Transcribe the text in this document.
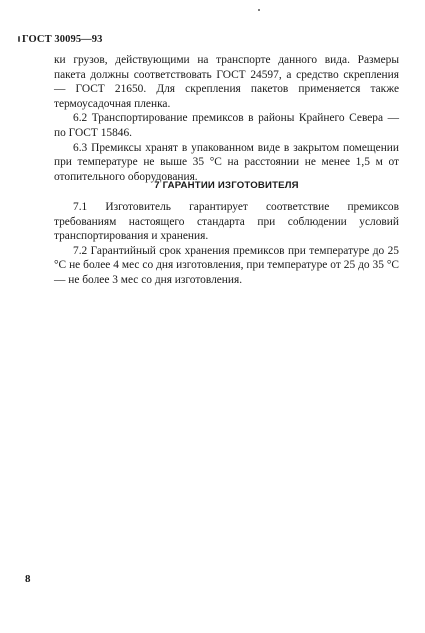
ГОСТ 30095—93

ки грузов, действующими на транспорте данного вида. Размеры пакета должны соответствовать ГОСТ 24597, а средство скрепления — ГОСТ 21650. Для скрепления пакетов применяется также термоусадочная пленка.

6.2 Транспортирование премиксов в районы Крайнего Севера — по ГОСТ 15846.

6.3 Премиксы хранят в упакованном виде в закрытом помещении при температуре не выше 35 °С на расстоянии не менее 1,5 м от отопительного оборудования.

7 ГАРАНТИИ ИЗГОТОВИТЕЛЯ

7.1 Изготовитель гарантирует соответствие премиксов требованиям настоящего стандарта при соблюдении условий транспортирования и хранения.

7.2 Гарантийный срок хранения премиксов при температуре до 25 °С не более 4 мес со дня изготовления, при температуре от 25 до 35 °С — не более 3 мес со дня изготовления.

8
